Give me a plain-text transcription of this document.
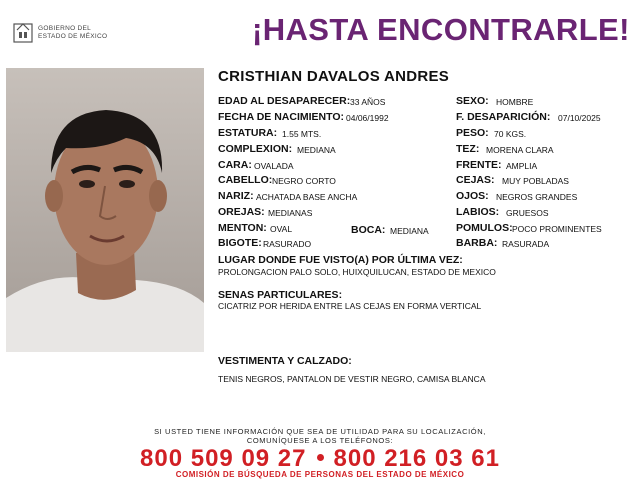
GOBIERNO DEL
ESTADO DE MÉXICO	¡HASTA ENCONTRARLE!
CRISTHIAN DAVALOS ANDRES
EDAD AL DESAPARECER: 33 AÑOS
FECHA DE NACIMIENTO: 04/06/1992
ESTATURA: 1.55 MTS.
COMPLEXION: MEDIANA
CARA: OVALADA
CABELLO: NEGRO CORTO
NARIZ: ACHATADA BASE ANCHA
OREJAS: MEDIANAS
MENTON: OVAL	BOCA: MEDIANA
BIGOTE: RASURADO
SEXO: HOMBRE
F. DESAPARICIÓN: 07/10/2025
PESO: 70 KGS.
TEZ: MORENA CLARA
FRENTE: AMPLIA
CEJAS: MUY POBLADAS
OJOS: NEGROS GRANDES
LABIOS: GRUESOS
POMULOS: POCO PROMINENTES
BARBA: RASURADA
LUGAR DONDE FUE VISTO(A) POR ÚLTIMA VEZ:
PROLONGACION PALO SOLO, HUIXQUILUCAN, ESTADO DE MEXICO
SENAS PARTICULARES:
CICATRIZ POR HERIDA ENTRE LAS CEJAS EN FORMA VERTICAL
VESTIMENTA Y CALZADO:
TENIS NEGROS, PANTALON DE VESTIR NEGRO, CAMISA BLANCA
SI USTED TIENE INFORMACIÓN QUE SEA DE UTILIDAD PARA SU LOCALIZACIÓN,
COMUNÍQUESE A LOS TELÉFONOS:
800 509 09 27 800 216 03 61
COMISIÓN DE BÚSQUEDA DE PERSONAS DEL ESTADO DE MÉXICO
